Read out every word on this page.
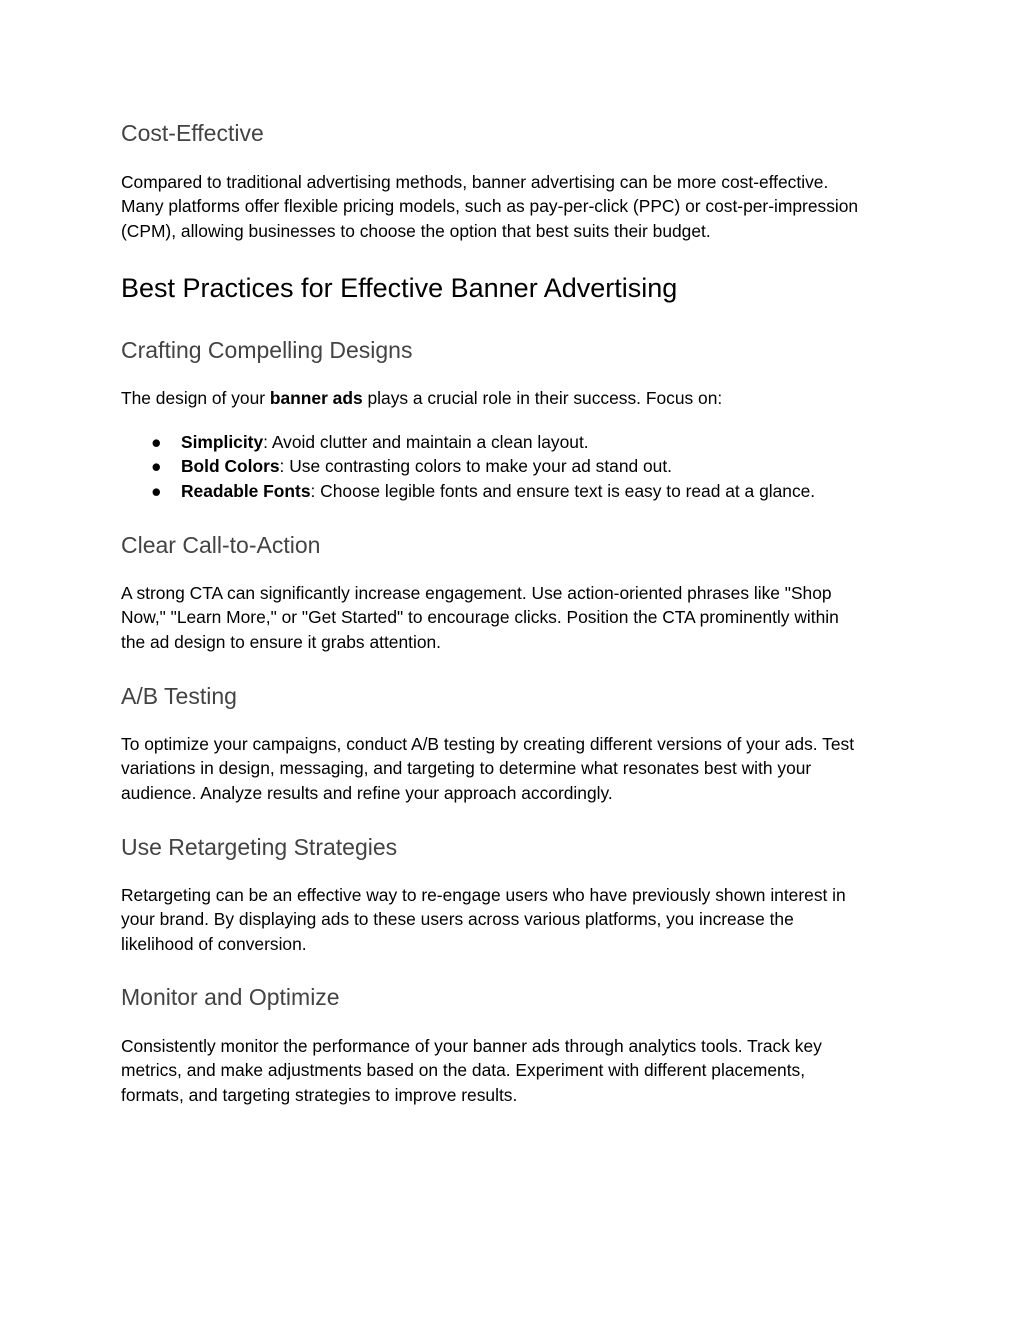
Cost-Effective

Compared to traditional advertising methods, banner advertising can be more cost-effective.
Many platforms offer flexible pricing models, such as pay-per-click (PPC) or cost-per-impression
(CPM), allowing businesses to choose the option that best suits their budget.

Best Practices for Effective Banner Advertising
Crafting Compelling Designs

The design of your banner ads plays a crucial role in their success. Focus on:

● Simplicity: Avoid clutter and maintain a clean layout.
● Bold Colors: Use contrasting colors to make your ad stand out.
● Readable Fonts: Choose legible fonts and ensure text is easy to read at a glance.
Clear Call-to-Action

A strong CTA can significantly increase engagement. Use action-oriented phrases like "Shop
Now," "Learn More," or "Get Started" to encourage clicks. Position the CTA prominently within
the ad design to ensure it grabs attention.

A/B Testing

To optimize your campaigns, conduct A/B testing by creating different versions of your ads. Test
variations in design, messaging, and targeting to determine what resonates best with your
audience. Analyze results and refine your approach accordingly.

Use Retargeting Strategies

Retargeting can be an effective way to re-engage users who have previously shown interest in
your brand. By displaying ads to these users across various platforms, you increase the
likelihood of conversion.

Monitor and Optimize

Consistently monitor the performance of your banner ads through analytics tools. Track key
metrics, and make adjustments based on the data. Experiment with different placements,
formats, and targeting strategies to improve results.
